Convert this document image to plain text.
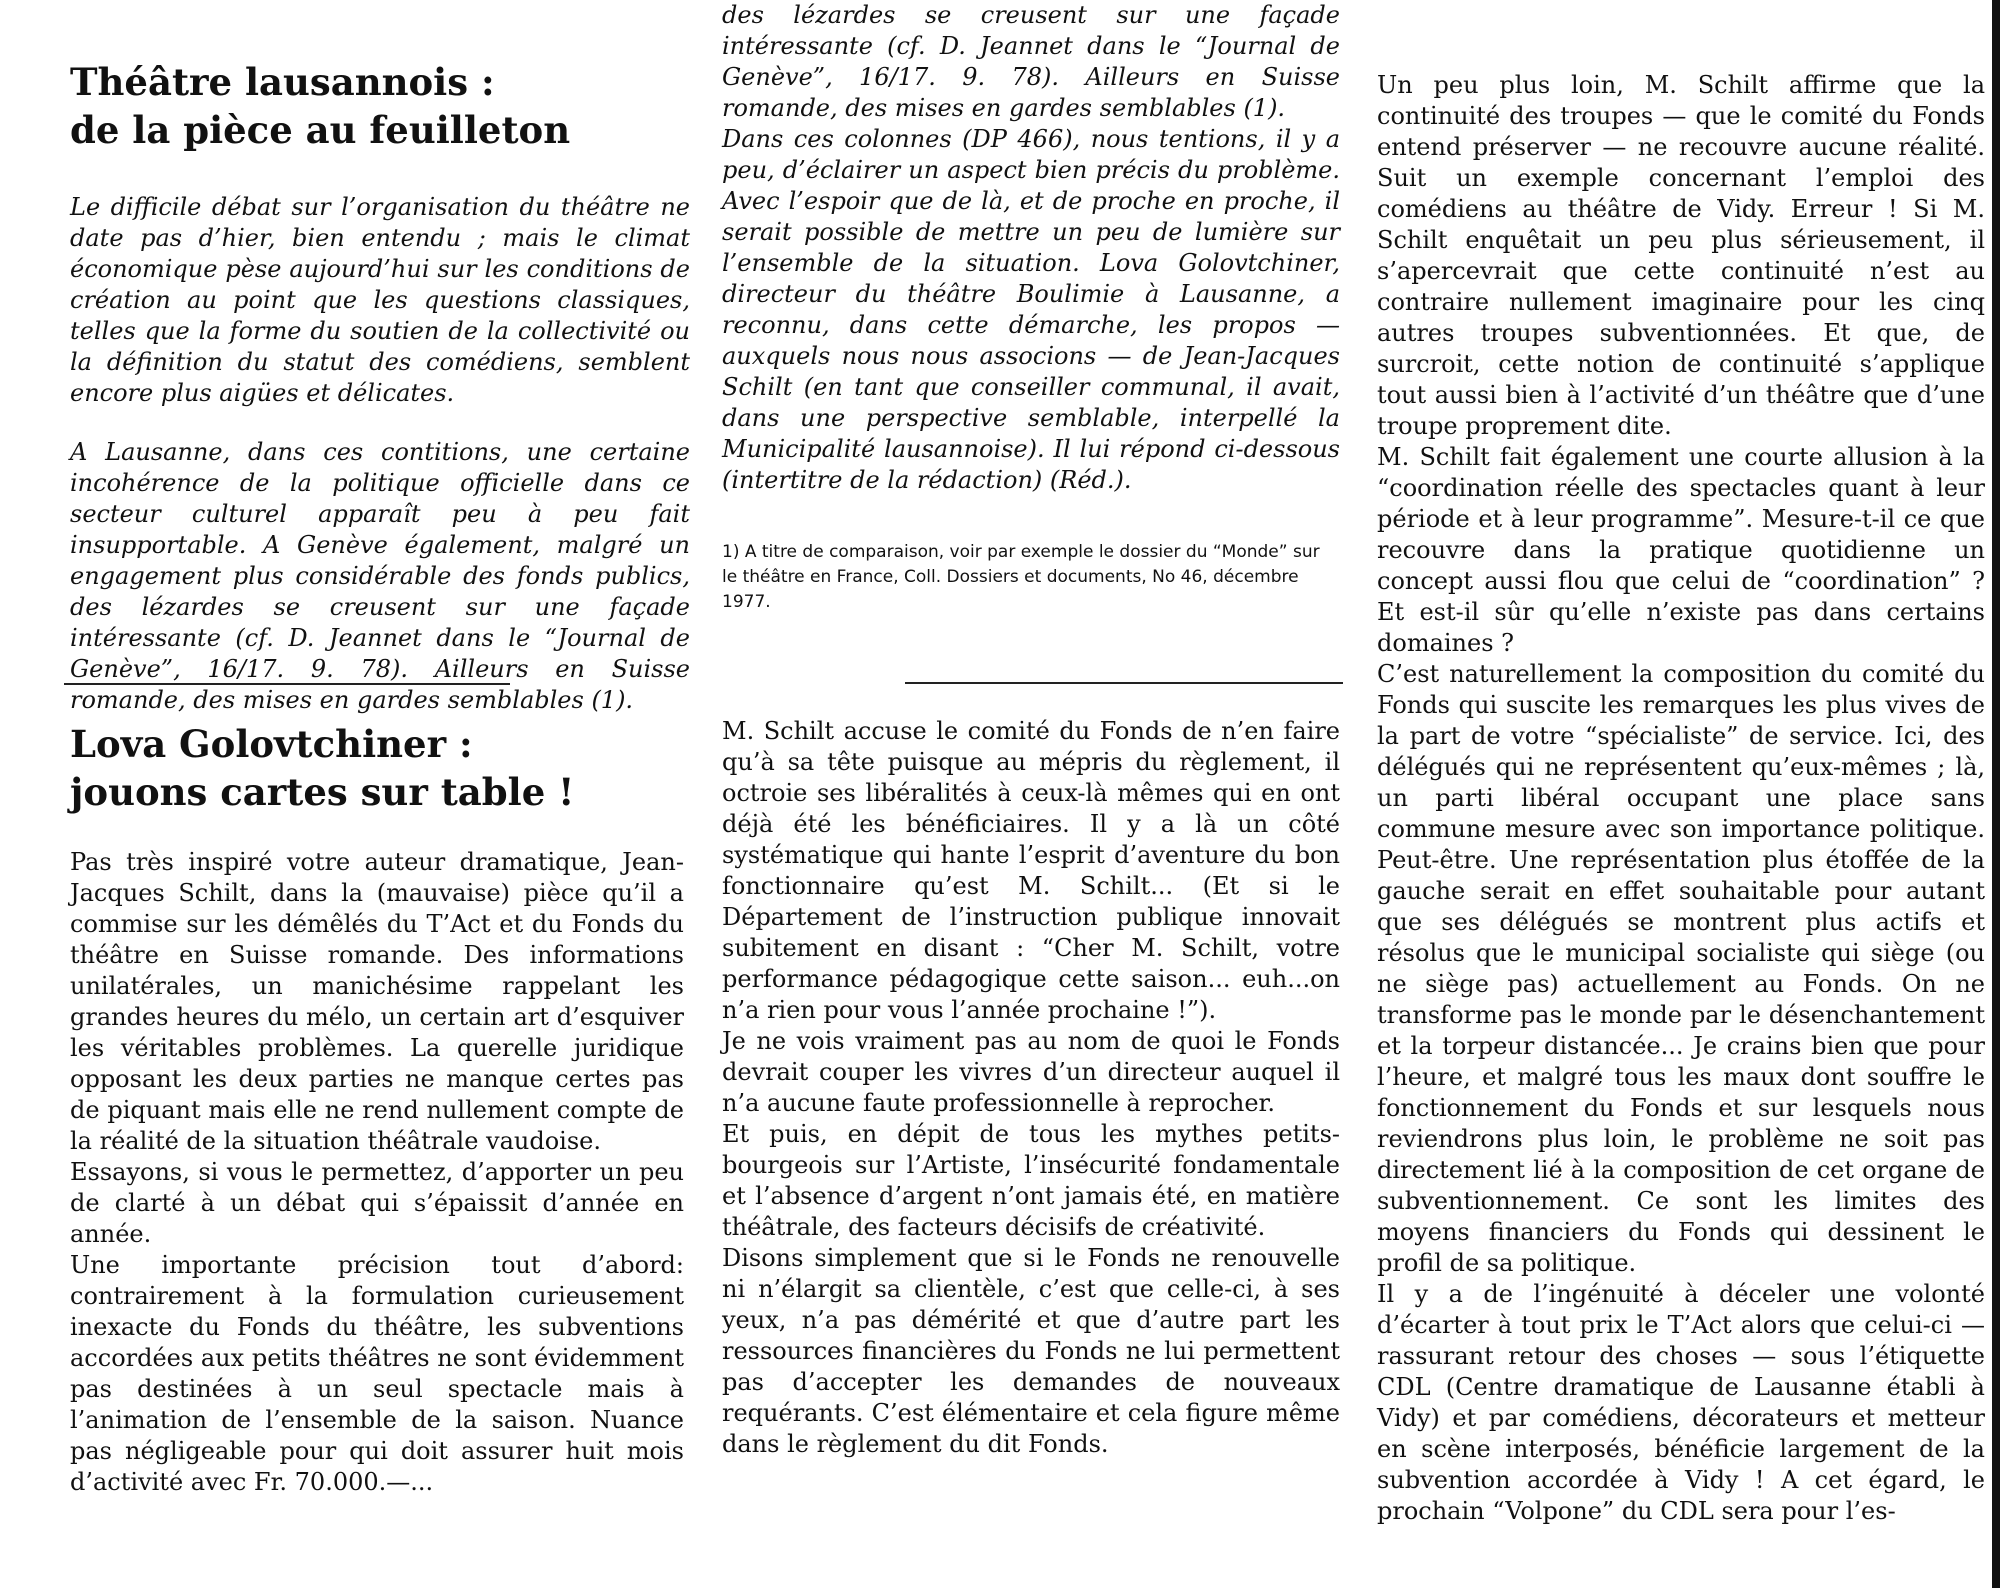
Théâtre lausannois :
de la pièce au feuilleton

Le difficile débat sur l’organisation du théâtre ne date pas d’hier, bien entendu ; mais le climat économique pèse aujourd’hui sur les conditions de création au point que les questions classiques, telles que la forme du soutien de la collectivité ou la définition du statut des comédiens, semblent encore plus aigües et délicates.

A Lausanne, dans ces contitions, une certaine incohérence de la politique officielle dans ce secteur culturel apparaît peu à peu fait insupportable. A Genève également, malgré un engagement plus considérable des fonds publics, des lézardes se creusent sur une façade intéressante (cf. D. Jeannet dans le “Journal de Genève”, 16/17. 9. 78). Ailleurs en Suisse romande, des mises en gardes semblables (1).

Lova Golovtchiner :
jouons cartes sur table !

Pas très inspiré votre auteur dramatique, Jean-Jacques Schilt, dans la (mauvaise) pièce qu’il a commise sur les démêlés du T’Act et du Fonds du théâtre en Suisse romande. Des informations unilatérales, un manichésime rappelant les grandes heures du mélo, un certain art d’esquiver les véritables problèmes. La querelle juridique opposant les deux parties ne manque certes pas de piquant mais elle ne rend nullement compte de la réalité de la situation théâtrale vaudoise.

Essayons, si vous le permettez, d’apporter un peu de clarté à un débat qui s’épaissit d’année en année.

Une importante précision tout d’abord: contrairement à la formulation curieusement inexacte du Fonds du théâtre, les subventions accordées aux petits théâtres ne sont évidemment pas destinées à un seul spectacle mais à l’animation de l’ensemble de la saison. Nuance pas négligeable pour qui doit assurer huit mois d’activité avec Fr. 70.000.—...

des lézardes se creusent sur une façade intéressante (cf. D. Jeannet dans le “Journal de Genève”, 16/17. 9. 78). Ailleurs en Suisse romande, des mises en gardes semblables (1).

Dans ces colonnes (DP 466), nous tentions, il y a peu, d’éclairer un aspect bien précis du problème. Avec l’espoir que de là, et de proche en proche, il serait possible de mettre un peu de lumière sur l’ensemble de la situation. Lova Golovtchiner, directeur du théâtre Boulimie à Lausanne, a reconnu, dans cette démarche, les propos — auxquels nous nous associons — de Jean-Jacques Schilt (en tant que conseiller communal, il avait, dans une perspective semblable, interpellé la Municipalité lausannoise). Il lui répond ci-dessous (intertitre de la rédaction) (Réd.).

1) A titre de comparaison, voir par exemple le dossier du “Monde” sur le théâtre en France, Coll. Dossiers et documents, No 46, décembre 1977.

M. Schilt accuse le comité du Fonds de n’en faire qu’à sa tête puisque au mépris du règlement, il octroie ses libéralités à ceux-là mêmes qui en ont déjà été les bénéficiaires. Il y a là un côté systématique qui hante l’esprit d’aventure du bon fonctionnaire qu’est M. Schilt... (Et si le Département de l’instruction publique innovait subitement en disant : “Cher M. Schilt, votre performance pédagogique cette saison... euh...on n’a rien pour vous l’année prochaine !”).

Je ne vois vraiment pas au nom de quoi le Fonds devrait couper les vivres d’un directeur auquel il n’a aucune faute professionnelle à reprocher.

Et puis, en dépit de tous les mythes petits-bourgeois sur l’Artiste, l’insécurité fondamentale et l’absence d’argent n’ont jamais été, en matière théâtrale, des facteurs décisifs de créativité.

Disons simplement que si le Fonds ne renouvelle ni n’élargit sa clientèle, c’est que celle-ci, à ses yeux, n’a pas démérité et que d’autre part les ressources financières du Fonds ne lui permettent pas d’accepter les demandes de nouveaux requérants. C’est élémentaire et cela figure même dans le règlement du dit Fonds.

Un peu plus loin, M. Schilt affirme que la continuité des troupes — que le comité du Fonds entend préserver — ne recouvre aucune réalité. Suit un exemple concernant l’emploi des comédiens au théâtre de Vidy. Erreur ! Si M. Schilt enquêtait un peu plus sérieusement, il s’apercevrait que cette continuité n’est au contraire nullement imaginaire pour les cinq autres troupes subventionnées. Et que, de surcroit, cette notion de continuité s’applique tout aussi bien à l’activité d’un théâtre que d’une troupe proprement dite.

M. Schilt fait également une courte allusion à la “coordination réelle des spectacles quant à leur période et à leur programme”. Mesure-t-il ce que recouvre dans la pratique quotidienne un concept aussi flou que celui de “coordination” ? Et est-il sûr qu’elle n’existe pas dans certains domaines ?

C’est naturellement la composition du comité du Fonds qui suscite les remarques les plus vives de la part de votre “spécialiste” de service. Ici, des délégués qui ne représentent qu’eux-mêmes ; là, un parti libéral occupant une place sans commune mesure avec son importance politique. Peut-être. Une représentation plus étoffée de la gauche serait en effet souhaitable pour autant que ses délégués se montrent plus actifs et résolus que le municipal socialiste qui siège (ou ne siège pas) actuellement au Fonds. On ne transforme pas le monde par le désenchantement et la torpeur distancée... Je crains bien que pour l’heure, et malgré tous les maux dont souffre le fonctionnement du Fonds et sur lesquels nous reviendrons plus loin, le problème ne soit pas directement lié à la composition de cet organe de subventionnement. Ce sont les limites des moyens financiers du Fonds qui dessinent le profil de sa politique.

Il y a de l’ingénuité à déceler une volonté d’écarter à tout prix le T’Act alors que celui-ci — rassurant retour des choses — sous l’étiquette CDL (Centre dramatique de Lausanne établi à Vidy) et par comédiens, décorateurs et metteur en scène interposés, bénéficie largement de la subvention accordée à Vidy ! A cet égard, le prochain “Volpone” du CDL sera pour l’es-
